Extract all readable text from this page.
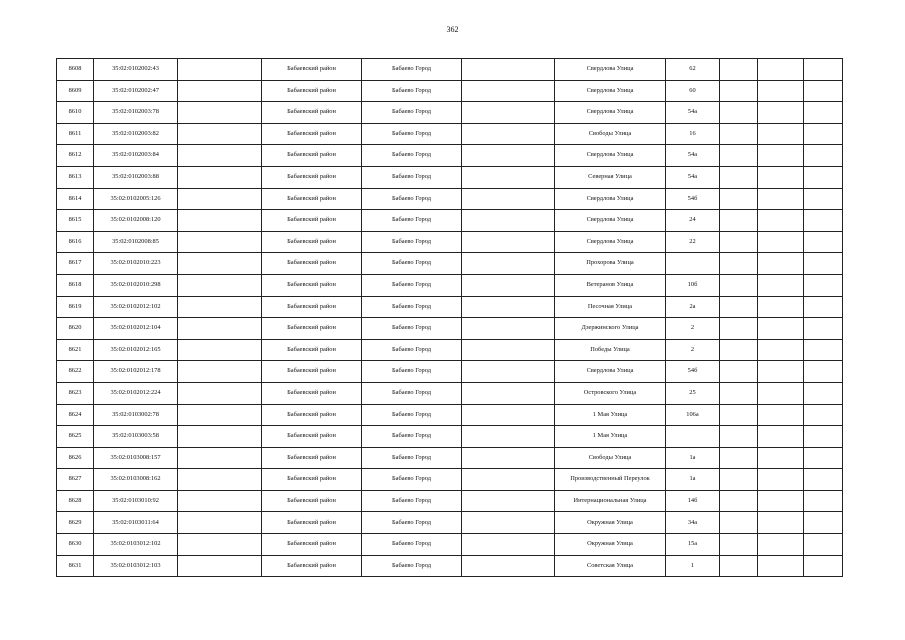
362
8608	35:02:0102002:43		Бабаевский район	Бабаево Город		Свердлова Улица	62			
8609	35:02:0102002:47		Бабаевский район	Бабаево Город		Свердлова Улица	60			
8610	35:02:0102003:78		Бабаевский район	Бабаево Город		Свердлова Улица	54а			
8611	35:02:0102003:82		Бабаевский район	Бабаево Город		Свободы Улица	16			
8612	35:02:0102003:84		Бабаевский район	Бабаево Город		Свердлова Улица	54а			
8613	35:02:0102003:88		Бабаевский район	Бабаево Город		Северная Улица	54а			
8614	35:02:0102005:126		Бабаевский район	Бабаево Город		Свердлова Улица	54б			
8615	35:02:0102008:120		Бабаевский район	Бабаево Город		Свердлова Улица	24			
8616	35:02:0102008:85		Бабаевский район	Бабаево Город		Свердлова Улица	22			
8617	35:02:0102010:223		Бабаевский район	Бабаево Город		Прохорова Улица				
8618	35:02:0102010:298		Бабаевский район	Бабаево Город		Ветеранов Улица	10б			
8619	35:02:0102012:102		Бабаевский район	Бабаево Город		Песочная Улица	2а			
8620	35:02:0102012:104		Бабаевский район	Бабаево Город		Дзержинского Улица	2			
8621	35:02:0102012:165		Бабаевский район	Бабаево Город		Победы Улица	2			
8622	35:02:0102012:178		Бабаевский район	Бабаево Город		Свердлова Улица	54б			
8623	35:02:0102012:224		Бабаевский район	Бабаево Город		Островского Улица	25			
8624	35:02:0103002:78		Бабаевский район	Бабаево Город		1 Мая Улица	106а			
8625	35:02:0103003:58		Бабаевский район	Бабаево Город		1 Мая Улица				
8626	35:02:0103008:157		Бабаевский район	Бабаево Город		Свободы Улица	1а			
8627	35:02:0103008:162		Бабаевский район	Бабаево Город		Производственный Переулок	1а			
8628	35:02:0103010:92		Бабаевский район	Бабаево Город		Интернациональная Улица	14б			
8629	35:02:0103011:64		Бабаевский район	Бабаево Город		Окружная Улица	34а			
8630	35:02:0103012:102		Бабаевский район	Бабаево Город		Окружная Улица	15а			
8631	35:02:0103012:103		Бабаевский район	Бабаево Город		Советская Улица	1			
